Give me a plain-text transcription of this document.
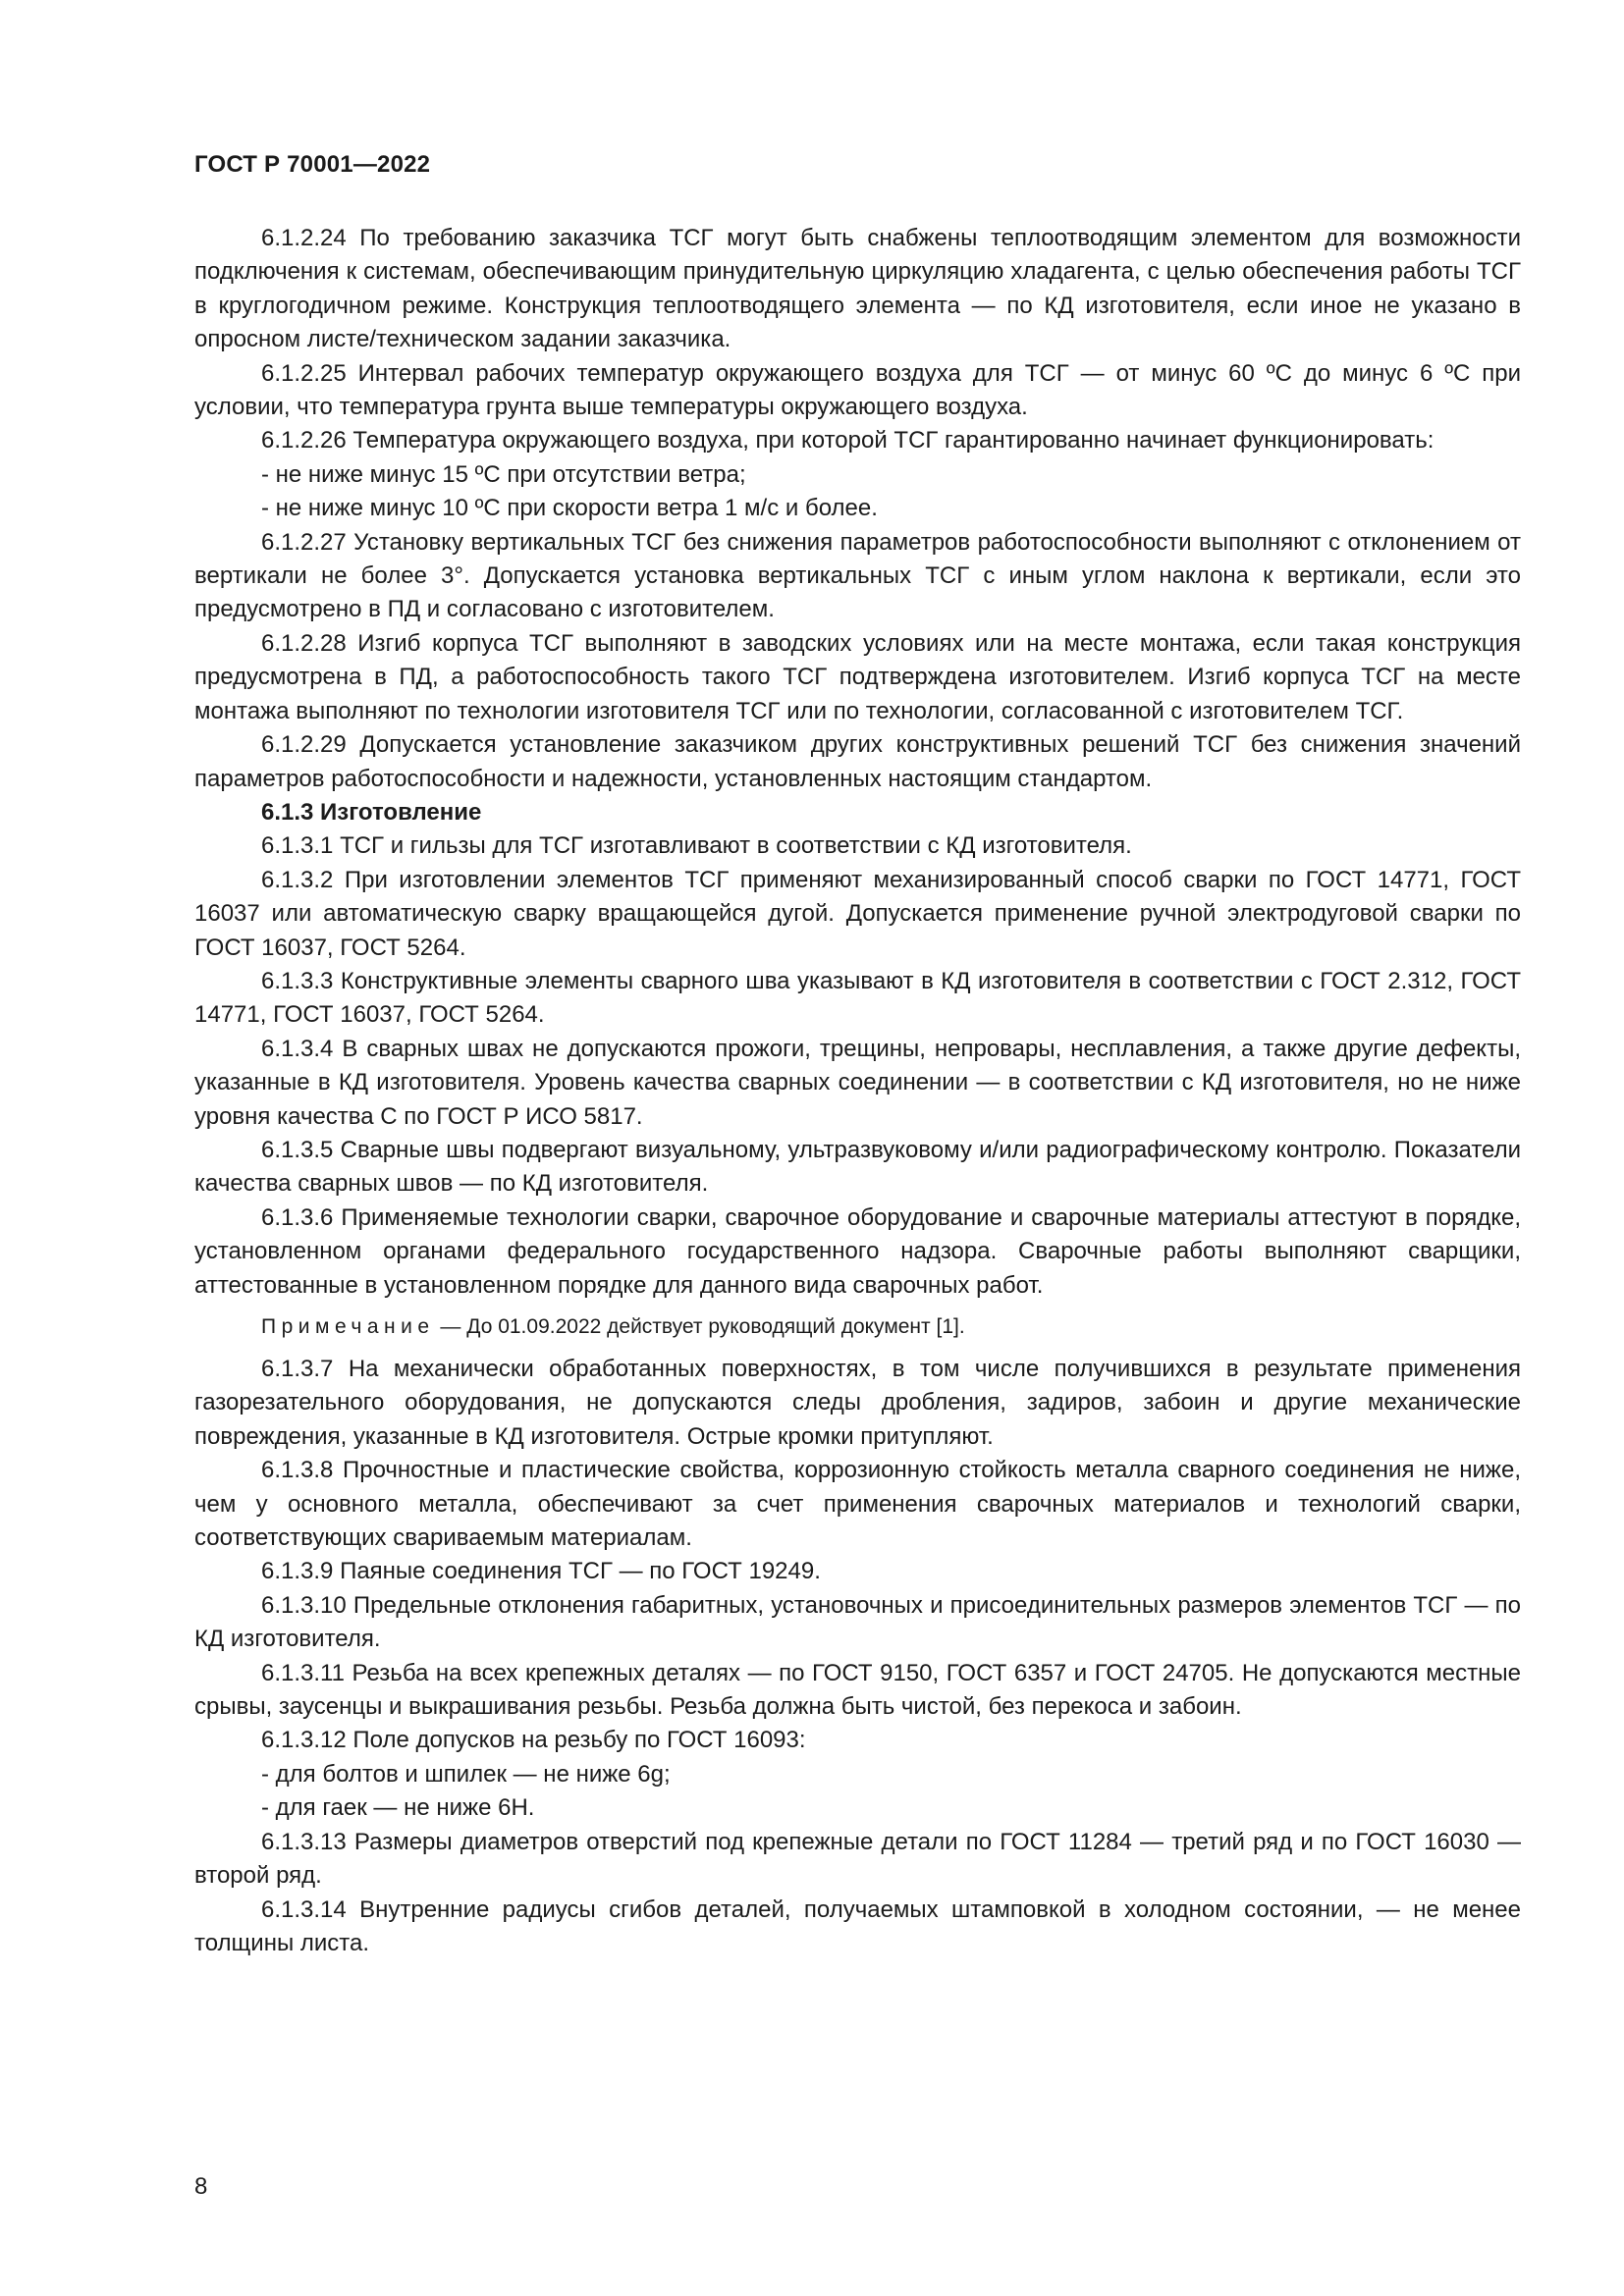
ГОСТ Р 70001—2022

6.1.2.24 По требованию заказчика ТСГ могут быть снабжены теплоотводящим элементом для возможности подключения к системам, обеспечивающим принудительную циркуляцию хладагента, с целью обеспечения работы ТСГ в круглогодичном режиме. Конструкция теплоотводящего элемента — по КД изготовителя, если иное не указано в опросном листе/техническом задании заказчика.

6.1.2.25 Интервал рабочих температур окружающего воздуха для ТСГ — от минус 60 ºС до минус 6 ºС при условии, что температура грунта выше температуры окружающего воздуха.

6.1.2.26 Температура окружающего воздуха, при которой ТСГ гарантированно начинает функционировать:

- не ниже минус 15 ºС при отсутствии ветра;

- не ниже минус 10 ºС при скорости ветра 1 м/с и более.

6.1.2.27 Установку вертикальных ТСГ без снижения параметров работоспособности выполняют с отклонением от вертикали не более 3°. Допускается установка вертикальных ТСГ с иным углом наклона к вертикали, если это предусмотрено в ПД и согласовано с изготовителем.

6.1.2.28 Изгиб корпуса ТСГ выполняют в заводских условиях или на месте монтажа, если такая конструкция предусмотрена в ПД, а работоспособность такого ТСГ подтверждена изготовителем. Изгиб корпуса ТСГ на месте монтажа выполняют по технологии изготовителя ТСГ или по технологии, согласованной с изготовителем ТСГ.

6.1.2.29 Допускается установление заказчиком других конструктивных решений ТСГ без снижения значений параметров работоспособности и надежности, установленных настоящим стандартом.

6.1.3 Изготовление

6.1.3.1 ТСГ и гильзы для ТСГ изготавливают в соответствии с КД изготовителя.

6.1.3.2 При изготовлении элементов ТСГ применяют механизированный способ сварки по ГОСТ 14771, ГОСТ 16037 или автоматическую сварку вращающейся дугой. Допускается применение ручной электродуговой сварки по ГОСТ 16037, ГОСТ 5264.

6.1.3.3 Конструктивные элементы сварного шва указывают в КД изготовителя в соответствии с ГОСТ 2.312, ГОСТ 14771, ГОСТ 16037, ГОСТ 5264.

6.1.3.4 В сварных швах не допускаются прожоги, трещины, непровары, несплавления, а также другие дефекты, указанные в КД изготовителя. Уровень качества сварных соединении — в соответствии с КД изготовителя, но не ниже уровня качества С по ГОСТ Р ИСО 5817.

6.1.3.5 Сварные швы подвергают визуальному, ультразвуковому и/или радиографическому контролю. Показатели качества сварных швов — по КД изготовителя.

6.1.3.6 Применяемые технологии сварки, сварочное оборудование и сварочные материалы аттестуют в порядке, установленном органами федерального государственного надзора. Сварочные работы выполняют сварщики, аттестованные в установленном порядке для данного вида сварочных работ.

Примечание — До 01.09.2022 действует руководящий документ [1].

6.1.3.7 На механически обработанных поверхностях, в том числе получившихся в результате применения газорезательного оборудования, не допускаются следы дробления, задиров, забоин и другие механические повреждения, указанные в КД изготовителя. Острые кромки притупляют.

6.1.3.8 Прочностные и пластические свойства, коррозионную стойкость металла сварного соединения не ниже, чем у основного металла, обеспечивают за счет применения сварочных материалов и технологий сварки, соответствующих свариваемым материалам.

6.1.3.9 Паяные соединения ТСГ — по ГОСТ 19249.

6.1.3.10 Предельные отклонения габаритных, установочных и присоединительных размеров элементов ТСГ — по КД изготовителя.

6.1.3.11 Резьба на всех крепежных деталях — по ГОСТ 9150, ГОСТ 6357 и ГОСТ 24705. Не допускаются местные срывы, заусенцы и выкрашивания резьбы. Резьба должна быть чистой, без перекоса и забоин.

6.1.3.12 Поле допусков на резьбу по ГОСТ 16093:

- для болтов и шпилек — не ниже 6g;

- для гаек — не ниже 6Н.

6.1.3.13 Размеры диаметров отверстий под крепежные детали по ГОСТ 11284 — третий ряд и по ГОСТ 16030 — второй ряд.

6.1.3.14 Внутренние радиусы сгибов деталей, получаемых штамповкой в холодном состоянии, — не менее толщины листа.

8
